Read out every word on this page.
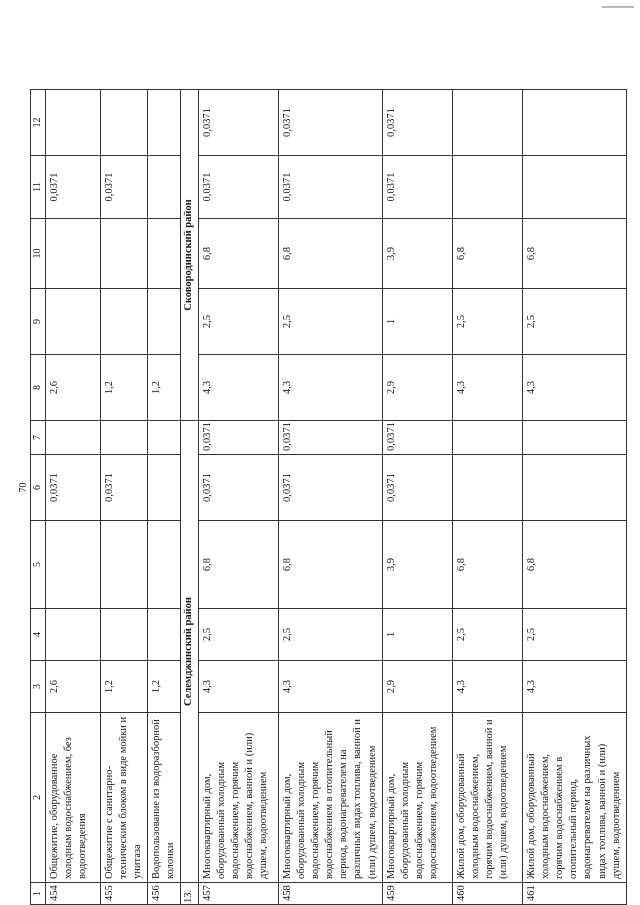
1	2	3	4	5	70 6	7	8	9	10	11	12
454	Общежитие, оборудованное холодным водоснабжением, без водоотведения	2,6			0,0371		2,6			0,0371	
455	Общежитие с санитарно-техническим блоком в виде мойки и унитаза	1,2			0,0371		1,2			0,0371	
456	Водопользование из водоразборной колонки	1,2					1,2				
13.	Селемджинский район						Сковородинский район				
457	Многоквартирный дом, оборудованный холодным водоснабжением, горячим водоснабжением, ванной и (или) душем, водоотведением	4,3	2,5	6,8	0,0371	0,0371	4,3	2,5	6,8	0,0371	0,0371
458	Многоквартирный дом, оборудованный холодным водоснабжением, горячим водоснабжением в отопительный период, водонагревателем на различных видах топлива, ванной и (или) душем, водоотведением	4,3	2,5	6,8	0,0371	0,0371	4,3	2,5	6,8	0,0371	0,0371
459	Многоквартирный дом, оборудованный холодным водоснабжением, горячим водоснабжением, водоотведением	2,9	1	3,9	0,0371	0,0371	2,9	1	3,9	0,0371	0,0371
460	Жилой дом, оборудованный холодным водоснабжением, горячим водоснабжением, ванной и (или) душем, водоотведением	4,3	2,5	6,8			4,3	2,5	6,8		
461	Жилой дом, оборудованный холодным водоснабжением, горячим водоснабжением в отопительный период, водонагревателем на различных видах топлива, ванной и (или) душем, водоотведением	4,3	2,5	6,8			4,3	2,5	6,8		
